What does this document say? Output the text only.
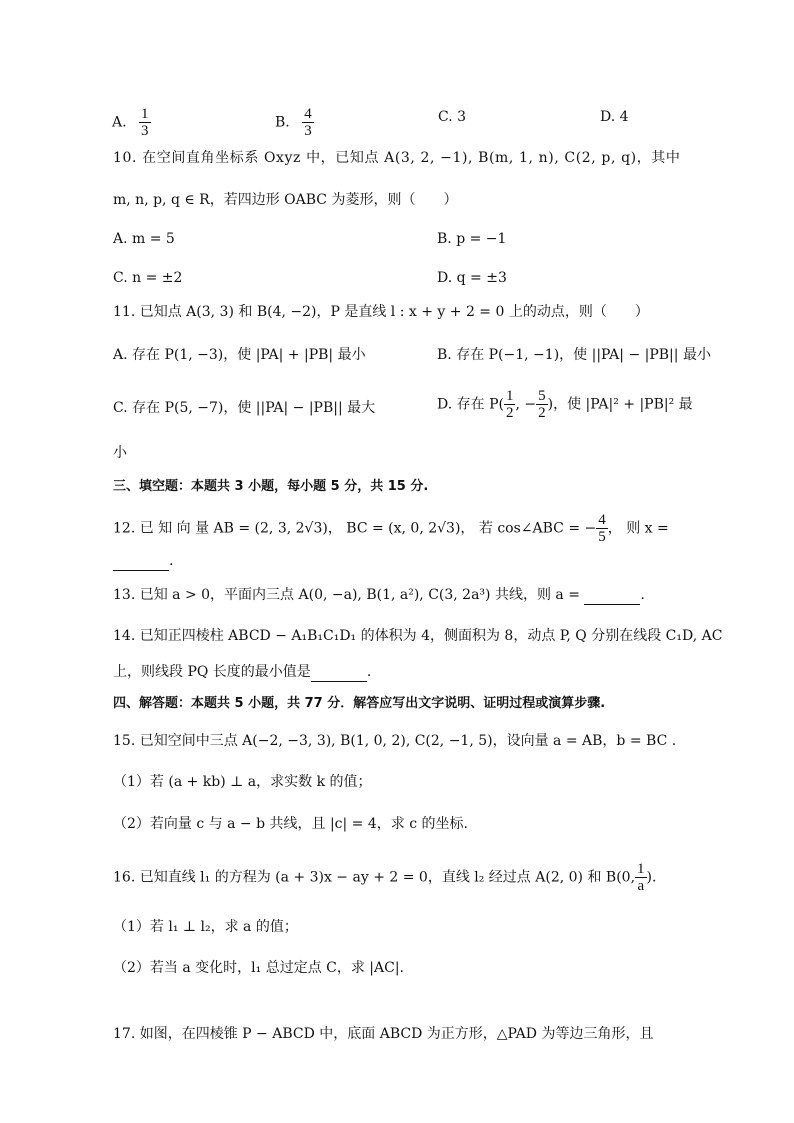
A. $\frac{1}{3}$	B. $\frac{4}{3}$	C. 3	D. 4
10. 在空间直角坐标系 Oxyz 中，已知点 A(3, 2, −1), B(m, 1, n), C(2, p, q)，其中
m, n, p, q ∈ R，若四边形 OABC 为菱形，则（　　）
A. m = 5	B. p = −1
C. n = ±2	D. q = ±3
11. 已知点 A(3, 3) 和 B(4, −2)，P 是直线 l : x + y + 2 = 0 上的动点，则（　　）
A. 存在 P(1, −3)，使 |PA| + |PB| 最小	B. 存在 P(−1, −1)，使 ||PA| − |PB|| 最小
C. 存在 P(5, −7)，使 ||PA| − |PB|| 最大	D. 存在 $P( \frac{1}{2}$ , − $\frac{5}{2}$ )，使 |PA|² + |PB|² 最
小
三、填空题：本题共 3 小题，每小题 5 分，共 15 分.
12. 已 知 向 量 AB = (2, 3, 2√3)， BC = (x, 0, 2√3)， 若 cos∠ABC = − $\frac{4}{5}$ ， 则 x =
.
13. 已知 a > 0，平面内三点 A(0, −a), B(1, a²), C(3, 2a³) 共线，则 a =	.
14. 已知正四棱柱 ABCD − A₁B₁C₁D₁ 的体积为 4，侧面积为 8，动点 P, Q 分别在线段 C₁D, AC
上，则线段 PQ 长度的最小值是	.
四、解答题：本题共 5 小题，共 77 分．解答应写出文字说明、证明过程或演算步骤.
15. 已知空间中三点 A(−2, −3, 3), B(1, 0, 2), C(2, −1, 5)，设向量 a = AB，b = BC .
（1）若 (a + kb) ⊥ a，求实数 k 的值；
（2）若向量 c 与 a − b 共线，且 |c| = 4，求 c 的坐标.
16. 已知直线 l₁ 的方程为 (a + 3)x − ay + 2 = 0，直线 l₂ 经过点 A(2, 0) 和 B(0, $\frac{1}{a}$ ).
（1）若 l₁ ⊥ l₂，求 a 的值；
（2）若当 a 变化时，l₁ 总过定点 C，求 |AC|.
17. 如图，在四棱锥 P − ABCD 中，底面 ABCD 为正方形，△PAD 为等边三角形，且
